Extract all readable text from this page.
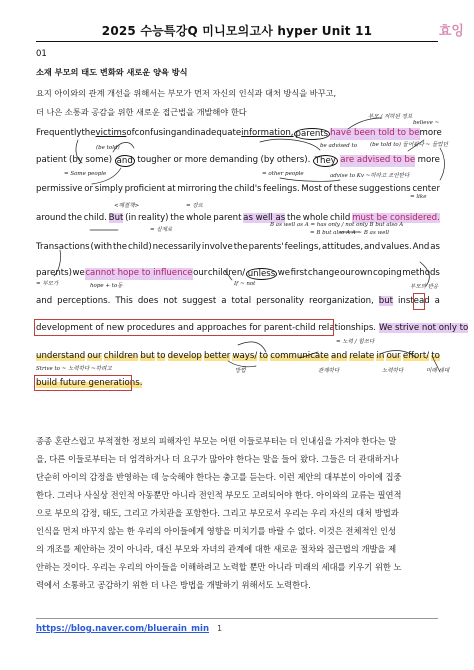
2025 수능특강Q 미니모의고사 hyper Unit 11	효잉
01
소재 부모의 태도 변화와 새로운 양육 방식
요지 아이와의 관계 개선을 위해서는 부모가 먼저 자신의 인식과 대처 방식을 바꾸고,
더 나은 소통과 공감을 위한 새로운 접근법을 개발해야 한다
Frequently the victims of confusing and inadequate information, parents have been told to be more
patient (by some) and tougher or more demanding (by others). They are advised to be more
permissive or simply proficient at mirroring the child's feelings. Most of these suggestions center
around the child. But (in reality) the whole parent as well as the whole child must be considered.
Transactions (with the child) necessarily involve the parents' feelings, attitudes, and values. And as
parents) we cannot hope to influence our children/ unless we first change our own coping methods
and perceptions. This does not suggest a total personality reorganization, but instead a
development of new procedures and approaches for parent-child relationships. We strive not only to
understand our children but to develop better ways/ to communicate and relate in our effort/ to
build future generations.
부모 / 저하된 정보
believe ~
(be told to) 들어왔다 ~ 들었던
(be told)
= Some people	= other people	advise to Kv ~하라고 조언받다
be advised to
= like
= 강요
<해결책>
B as well as A = has only / not only B but also A
= B but also A A ~ B as well
= 실제로
= 부모가	hope + to동	If ~ not	부모의 반응
= 노력 / 힘쓰다
Strive to ~ 노력하다 ~하려고	방법	관계하다	노력하다	미래 세대
종종 혼란스럽고 부적절한 정보의 피해자인 부모는 어떤 이들로부터는 더 인내심을 가져야 한다는 말
을, 다른 이들로부터는 더 엄격하거나 더 요구가 많아야 한다는 말을 들어 왔다. 그들은 더 관대하거나
단순히 아이의 감정을 반영하는 데 능숙해야 한다는 충고를 듣는다. 이런 제안의 대부분이 아이에 집중
한다. 그러나 사실상 전인적 아동뿐만 아니라 전인적 부모도 고려되어야 한다. 아이와의 교류는 필연적
으로 부모의 감정, 태도, 그리고 가치관을 포함한다. 그리고 부모로서 우리는 우리 자신의 대처 방법과
인식을 먼저 바꾸지 않는 한 우리의 아이들에게 영향을 미치기를 바랄 수 없다. 이것은 전체적인 인성
의 개조를 제안하는 것이 아니라, 대신 부모와 자녀의 관계에 대한 새로운 절차와 접근법의 개발을 제
안하는 것이다. 우리는 우리의 아이들을 이해하려고 노력할 뿐만 아니라 미래의 세대를 키우기 위한 노
력에서 소통하고 공감하기 위한 더 나은 방법을 개발하기 위해서도 노력한다.
https://blog.naver.com/bluerain_min 1
